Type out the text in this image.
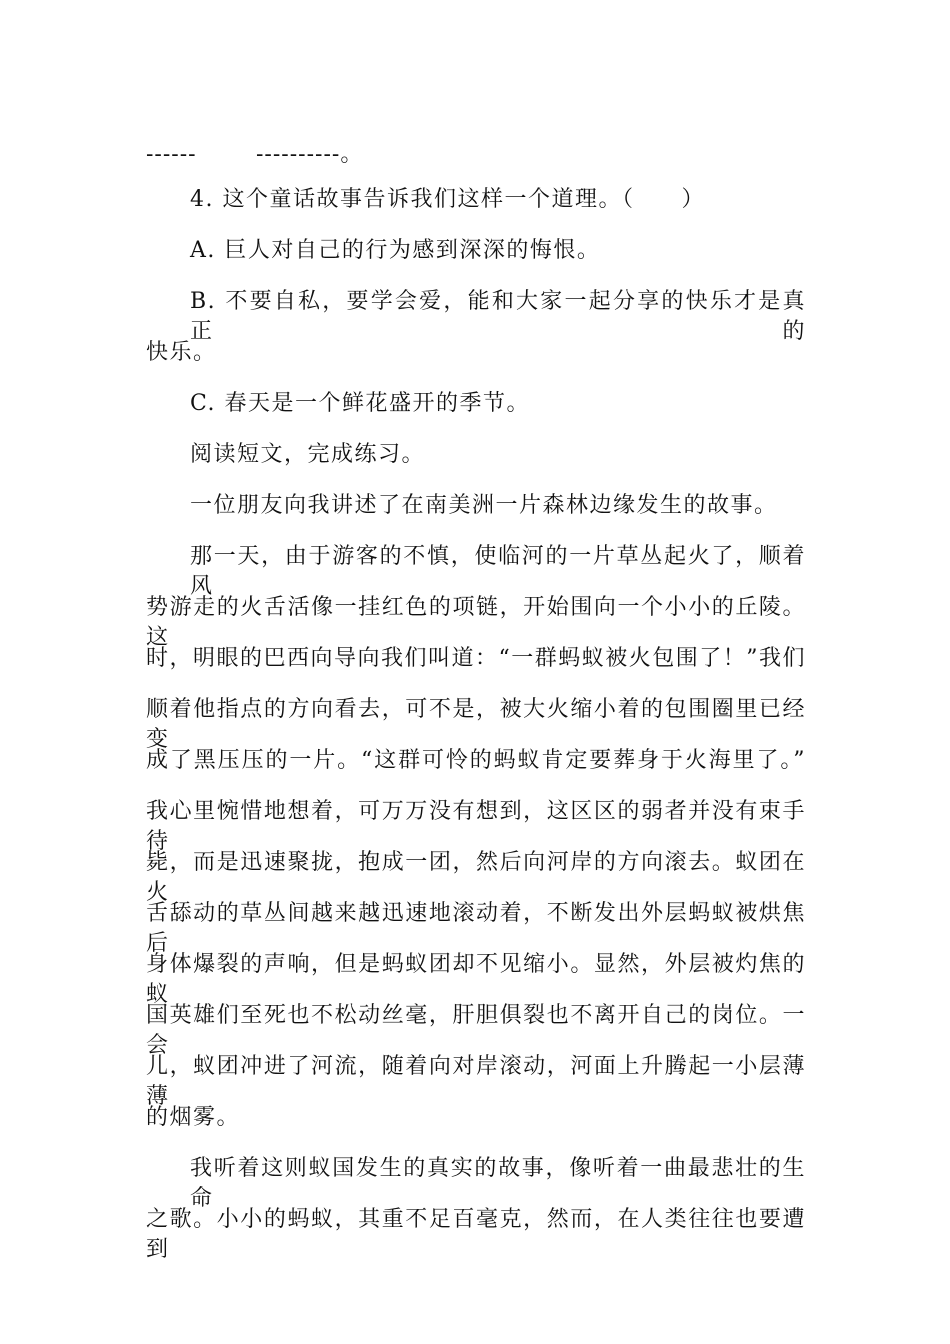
------	----------。
4. 这个童话故事告诉我们这样一个道理。（　　）
A. 巨人对自己的行为感到深深的悔恨。
B. 不要自私，要学会爱，能和大家一起分享的快乐才是真正的
快乐。
C. 春天是一个鲜花盛开的季节。
阅读短文，完成练习。
一位朋友向我讲述了在南美洲一片森林边缘发生的故事。
那一天，由于游客的不慎，使临河的一片草丛起火了，顺着风
势游走的火舌活像一挂红色的项链，开始围向一个小小的丘陵。这
时，明眼的巴西向导向我们叫道：“一群蚂蚁被火包围了！”我们
顺着他指点的方向看去，可不是，被大火缩小着的包围圈里已经变
成了黑压压的一片。“这群可怜的蚂蚁肯定要葬身于火海里了。”
我心里惋惜地想着，可万万没有想到，这区区的弱者并没有束手待
毙，而是迅速聚拢，抱成一团，然后向河岸的方向滚去。蚁团在火
舌舔动的草丛间越来越迅速地滚动着，不断发出外层蚂蚁被烘焦后
身体爆裂的声响，但是蚂蚁团却不见缩小。显然，外层被灼焦的蚁
国英雄们至死也不松动丝毫，肝胆俱裂也不离开自己的岗位。一会
儿，蚁团冲进了河流，随着向对岸滚动，河面上升腾起一小层薄薄
的烟雾。
我听着这则蚁国发生的真实的故事，像听着一曲最悲壮的生命
之歌。小小的蚂蚁，其重不足百毫克，然而，在人类往往也要遭到
